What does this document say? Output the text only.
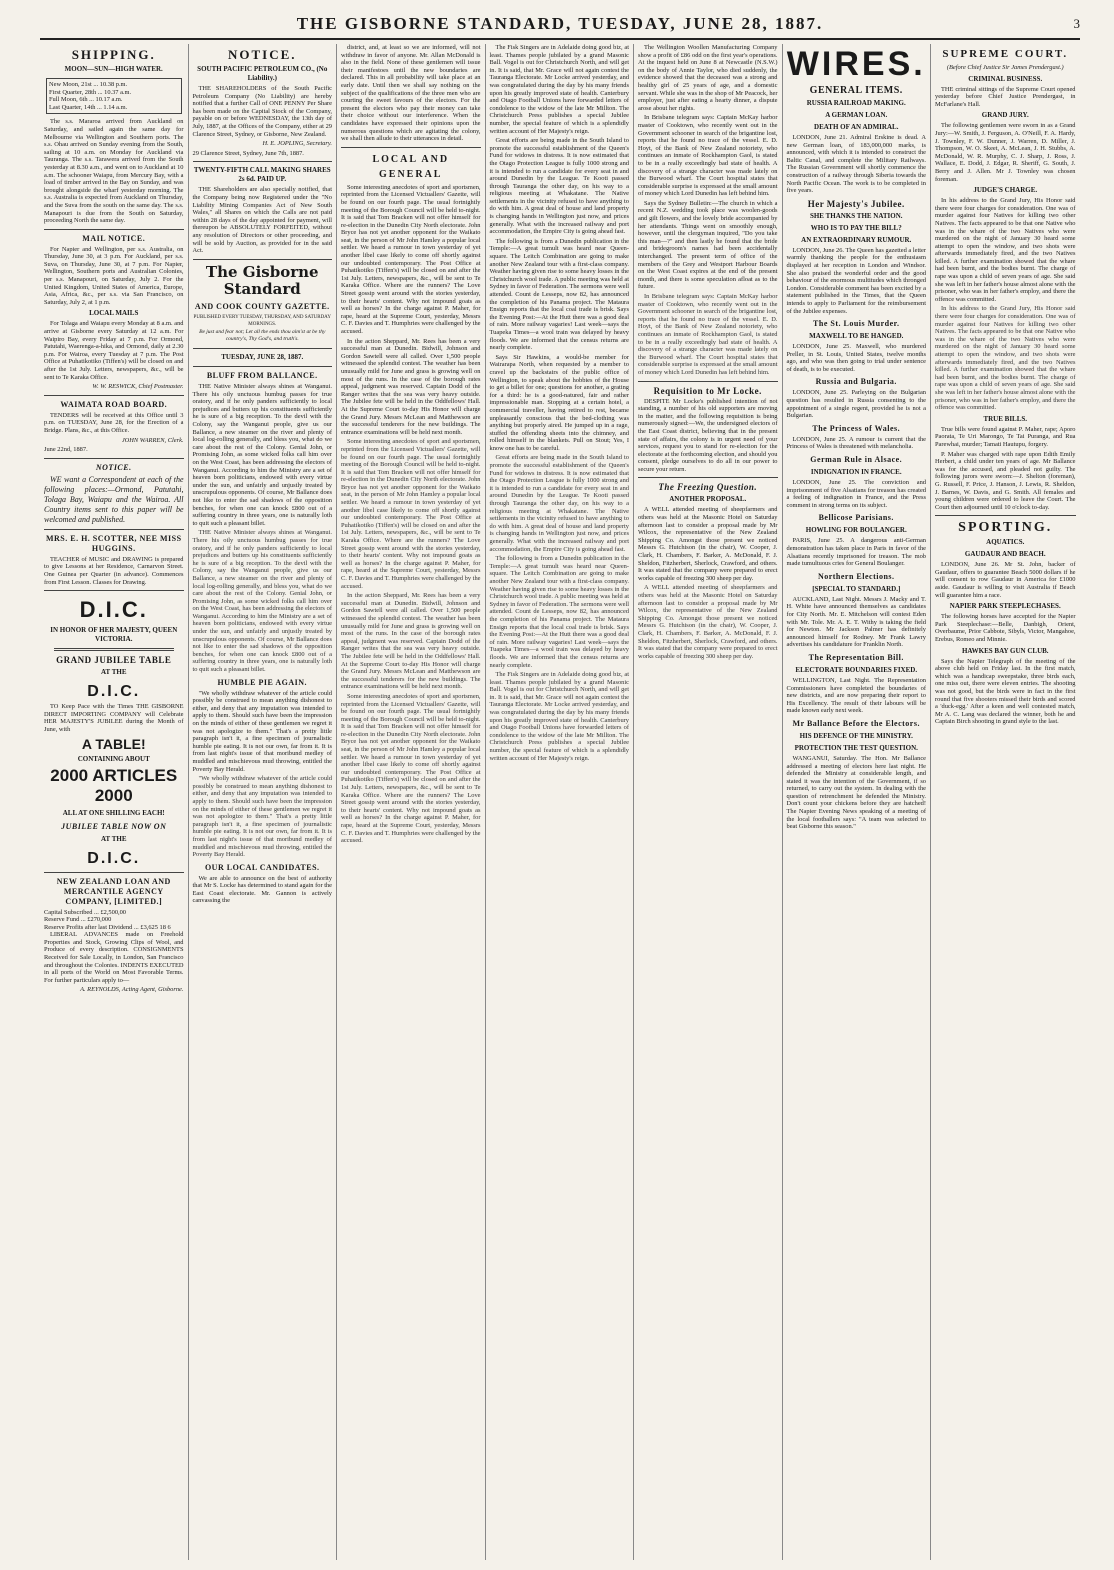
THE GISBORNE STANDARD, TUESDAY, JUNE 28, 1887.	3
SHIPPING.
MOON—SUN—HIGH WATER.
New Moon, 21st ... 10.38 p.m.
First Quarter, 28th ... 10.37 a.m.
Full Moon, 6th ... 10.17 a.m.
Last Quarter, 14th ... 1.14 a.m.

The s.s. Mararoa arrived from Auckland on Saturday, and sailed again the same day for Melbourne via Wellington and Southern ports. The s.s. Ohau arrived on Sunday evening from the South, sailing at 10 a.m. on Monday for Auckland via Tauranga. The s.s. Tarawera arrived from the South yesterday at 8.30 a.m., and went on to Auckland at 10 a.m. The schooner Waiapu, from Mercury Bay, with a load of timber arrived in the Bay on Sunday, and was brought alongside the wharf yesterday morning. The s.s. Australia is expected from Auckland on Thursday, and the Suva from the south on the same day. The s.s. Manapouri is due from the South on Saturday, proceeding North the same day.

MAIL NOTICE.

For Napier and Wellington, per s.s. Australia, on Thursday, June 30, at 3 p.m. For Auckland, per s.s. Suva, on Thursday, June 30, at 7 p.m. For Napier, Wellington, Southern ports and Australian Colonies, per s.s. Manapouri, on Saturday, July 2. For the United Kingdom, United States of America, Europe, Asia, Africa, &c., per s.s. via San Francisco, on Saturday, July 2, at 1 p.m.

LOCAL MAILS

For Tolaga and Waiapu every Monday at 8 a.m. and arrive at Gisborne every Saturday at 12 a.m. For Waipiro Bay, every Friday at 7 p.m. For Ormond, Patutahi, Waerenga-a-hika, and Ormond, daily at 2.30 p.m. For Wairoa, every Tuesday at 7 p.m. The Post Office at Puhatikotiko (Tiffen's) will be closed on and after the 1st July. Letters, newspapers, &c., will be sent to Te Karaka Office.

W. W. RESWICK, Chief Postmaster.
WAIMATA ROAD BOARD.

TENDERS will be received at this Office until 3 p.m. on TUESDAY, June 28, for the Erection of a Bridge. Plans, &c., at this Office.

JOHN WARREN, Clerk.
June 22nd, 1887.
NOTICE.

WE want a Correspondent at each of the following places:—Ormond, Patutahi, Tolaga Bay, Waiapu and the Wairoa. All Country items sent to this paper will be welcomed and published.

MRS. E. H. SCOTTER, NEE MISS HUGGINS.

TEACHER of MUSIC and DRAWING is prepared to give Lessons at her Residence, Carnarvon Street. One Guinea per Quarter (in advance). Commences from First Lesson. Classes for Drawing.

D.I.C.
IN HONOR OF HER MAJESTY, QUEEN VICTORIA.
GRAND JUBILEE TABLE
AT THE
D.I.C.

TO Keep Pace with the Times THE GISBORNE DIRECT IMPORTING COMPANY will Celebrate HER MAJESTY'S JUBILEE during the Month of June, with

A TABLE!
CONTAINING ABOUT
2000 ARTICLES 2000
ALL AT ONE SHILLING EACH!
JUBILEE TABLE NOW ON
AT THE
D.I.C.
NEW ZEALAND LOAN AND MERCANTILE AGENCY COMPANY, [LIMITED.]
Capital Subscribed ... £2,500,00
Reserve Fund ... £270,000
Reserve Profits after last Dividend ... £3,625 18 6

LIBERAL ADVANCES made on Freehold Properties and Stock, Growing Clips of Wool, and Produce of every description. CONSIGNMENTS Received for Sale Locally, in London, San Francisco and throughout the Colonies. INDENTS EXECUTED in all ports of the World on Most Favorable Terms. For further particulars apply to—

A. REYNOLDS, Acting Agent, Gisborne.
NOTICE.
SOUTH PACIFIC PETROLEUM CO., (No Liability.)

THE SHAREHOLDERS of the South Pacific Petroleum Company (No Liability) are hereby notified that a further Call of ONE PENNY Per Share has been made on the Capital Stock of the Company, payable on or before WEDNESDAY, the 13th day of July, 1887, at the Offices of the Company, either at 29 Clarence Street, Sydney, or Gisborne, New Zealand.

H. E. JOPLING, Secretary.
29 Clarence Street, Sydney, June 7th, 1887.
TWENTY-FIFTH CALL MAKING SHARES 2s 6d. PAID UP.

THE Shareholders are also specially notified, that the Company being now Registered under the "No Liability Mining Companies Act of New South Wales," all Shares on which the Calls are not paid within 28 days of the day appointed for payment, will thereupon be ABSOLUTELY FORFEITED, without any resolution of Directors or other proceeding, and will be sold by Auction, as provided for in the said Act.

The Gisborne Standard
AND COOK COUNTY GAZETTE.
PUBLISHED EVERY TUESDAY, THURSDAY, AND SATURDAY MORNINGS.
Be just and fear not; Let all the ends thou aim'st at be thy country's, Thy God's, and truth's.
TUESDAY, JUNE 28, 1887.
BLUFF FROM BALLANCE.

THE Native Minister always shines at Wanganui. There his oily unctuous humbug passes for true oratory, and if he only panders sufficiently to local prejudices and butters up his constituents sufficiently he is sure of a big reception. To the devil with the Colony, say the Wanganui people, give us our Ballance, a new steamer on the river and plenty of local log-rolling generally, and bless you, what do we care about the rest of the Colony. Genial John, or Promising John, as some wicked folks call him over on the West Coast, has been addressing the electors of Wanganui. According to him the Ministry are a set of heaven born politicians, endowed with every virtue under the sun, and unfairly and unjustly treated by unscrupulous opponents. Of course, Mr Ballance does not like to enter the sad shadows of the opposition benches, for when one can knock £800 out of a suffering country in three years, one is naturally loth to quit such a pleasant billet.

THE Native Minister always shines at Wanganui. There his oily unctuous humbug passes for true oratory, and if he only panders sufficiently to local prejudices and butters up his constituents sufficiently he is sure of a big reception. To the devil with the Colony, say the Wanganui people, give us our Ballance, a new steamer on the river and plenty of local log-rolling generally, and bless you, what do we care about the rest of the Colony. Genial John, or Promising John, as some wicked folks call him over on the West Coast, has been addressing the electors of Wanganui. According to him the Ministry are a set of heaven born politicians, endowed with every virtue under the sun, and unfairly and unjustly treated by unscrupulous opponents. Of course, Mr Ballance does not like to enter the sad shadows of the opposition benches, for when one can knock £800 out of a suffering country in three years, one is naturally loth to quit such a pleasant billet.

HUMBLE PIE AGAIN.

"We wholly withdraw whatever of the article could possibly be construed to mean anything dishonest to either, and deny that any imputation was intended to apply to them. Should such have been the impression on the minds of either of these gentlemen we regret it was not apologize to them." That's a pretty little paragraph isn't it, a fine specimen of journalistic humble pie eating. It is not our own, far from it. It is from last night's issue of that moribund medley of muddled and mischievous mud throwing, entitled the Poverty Bay Herald.

"We wholly withdraw whatever of the article could possibly be construed to mean anything dishonest to either, and deny that any imputation was intended to apply to them. Should such have been the impression on the minds of either of these gentlemen we regret it was not apologize to them." That's a pretty little paragraph isn't it, a fine specimen of journalistic humble pie eating. It is not our own, far from it. It is from last night's issue of that moribund medley of muddled and mischievous mud throwing, entitled the Poverty Bay Herald.

OUR LOCAL CANDIDATES.

We are able to announce on the best of authority that Mr S. Locke has determined to stand again for the East Coast electorate. Mr. Gannon is actively canvassing the

district, and, at least so we are informed, will not withdraw in favor of anyone. Mr. Allan McDonald is also in the field. None of these gentlemen will issue their manifestoes until the new boundaries are declared. This in all probability will take place at an early date. Until then we shall say nothing on the subject of the qualifications of the three men who are courting the sweet favours of the electors. For the present the electors who pay their money can take their choice without our interference. When the candidates have expressed their opinions upon the numerous questions which are agitating the colony, we shall then allude to their utterances in detail.

LOCAL AND GENERAL

Some interesting anecdotes of sport and sportsmen, reprinted from the Licensed Victuallers' Gazette, will be found on our fourth page. The usual fortnightly meeting of the Borough Council will be held to-night. It is said that Tom Bracken will not offer himself for re-election in the Dunedin City North electorate. John Bryce has not yet another opponent for the Waikato seat, in the person of Mr John Hamley a popular local settler. We heard a rumour in town yesterday of yet another libel case likely to come off shortly against our undoubted contemporary. The Post Office at Puhatikotiko (Tiffen's) will be closed on and after the 1st July. Letters, newspapers, &c., will be sent to Te Karaka Office. Where are the runners? The Love Street gossip went around with the stories yesterday, to their hearts' content. Why not impound goats as well as horses? In the charge against P. Maher, for rape, heard at the Supreme Court, yesterday, Messrs C. F. Davies and T. Humphries were challenged by the accused.

In the action Sheppard, Mr. Rees has been a very successful man at Dunedin. Bidwill, Johnson and Gordon Sawtell were all called. Over 1,500 people witnessed the splendid contest. The weather has been unusually mild for June and grass is growing well on most of the runs. In the case of the borough rates appeal, judgment was reserved. Captain Dodd of the Ranger writes that the sea was very heavy outside. The Jubilee fete will be held in the Oddfellows' Hall. At the Supreme Court to-day His Honor will charge the Grand Jury. Messrs McLean and Matthewson are the successful tenderers for the new buildings. The entrance examinations will be held next month.

Some interesting anecdotes of sport and sportsmen, reprinted from the Licensed Victuallers' Gazette, will be found on our fourth page. The usual fortnightly meeting of the Borough Council will be held to-night. It is said that Tom Bracken will not offer himself for re-election in the Dunedin City North electorate. John Bryce has not yet another opponent for the Waikato seat, in the person of Mr John Hamley a popular local settler. We heard a rumour in town yesterday of yet another libel case likely to come off shortly against our undoubted contemporary. The Post Office at Puhatikotiko (Tiffen's) will be closed on and after the 1st July. Letters, newspapers, &c., will be sent to Te Karaka Office. Where are the runners? The Love Street gossip went around with the stories yesterday, to their hearts' content. Why not impound goats as well as horses? In the charge against P. Maher, for rape, heard at the Supreme Court, yesterday, Messrs C. F. Davies and T. Humphries were challenged by the accused.

In the action Sheppard, Mr. Rees has been a very successful man at Dunedin. Bidwill, Johnson and Gordon Sawtell were all called. Over 1,500 people witnessed the splendid contest. The weather has been unusually mild for June and grass is growing well on most of the runs. In the case of the borough rates appeal, judgment was reserved. Captain Dodd of the Ranger writes that the sea was very heavy outside. The Jubilee fete will be held in the Oddfellows' Hall. At the Supreme Court to-day His Honor will charge the Grand Jury. Messrs McLean and Matthewson are the successful tenderers for the new buildings. The entrance examinations will be held next month.

Some interesting anecdotes of sport and sportsmen, reprinted from the Licensed Victuallers' Gazette, will be found on our fourth page. The usual fortnightly meeting of the Borough Council will be held to-night. It is said that Tom Bracken will not offer himself for re-election in the Dunedin City North electorate. John Bryce has not yet another opponent for the Waikato seat, in the person of Mr John Hamley a popular local settler. We heard a rumour in town yesterday of yet another libel case likely to come off shortly against our undoubted contemporary. The Post Office at Puhatikotiko (Tiffen's) will be closed on and after the 1st July. Letters, newspapers, &c., will be sent to Te Karaka Office. Where are the runners? The Love Street gossip went around with the stories yesterday, to their hearts' content. Why not impound goats as well as horses? In the charge against P. Maher, for rape, heard at the Supreme Court, yesterday, Messrs C. F. Davies and T. Humphries were challenged by the accused.

The Fisk Singers are in Adelaide doing good biz, at least. Thames people jubilated by a grand Masonic Ball. Vogel is out for Christchurch North, and will get in. It is said, that Mr. Grace will not again contest the Tauranga Electorate. Mr Locke arrived yesterday, and was congratulated during the day by his many friends upon his greatly improved state of health. Canterbury and Otago Football Unions have forwarded letters of condolence to the widow of the late Mr Millton. The Christchurch Press publishes a special Jubilee number, the special feature of which is a splendidly written account of Her Majesty's reign.

Great efforts are being made in the South Island to promote the successful establishment of the Queen's Fund for widows in distress. It is now estimated that the Otago Protection League is fully 1000 strong and it is intended to run a candidate for every seat in and around Dunedin by the League. Te Kooti passed through Tauranga the other day, on his way to a religious meeting at Whakatane. The Native settlements in the vicinity refused to have anything to do with him. A great deal of house and land property is changing hands in Wellington just now, and prices generally. What with the increased railway and port accommodation, the Empire City is going ahead fast.

The following is from a Dunedin publication in the Temple:—A great tumult was heard near Queen-square. The Leitch Combination are going to make another New Zealand tour with a first-class company. Weather having given rise to some heavy losses in the Christchurch wool trade. A public meeting was held at Sydney in favor of Federation. The sermons were well attended. Count de Lesseps, now 82, has announced the completion of his Panama project. The Mataura Ensign reports that the local coal trade is brisk. Says the Evening Post:—At the Hutt there was a good deal of rain. More railway vagaries! Last week—says the Tuapeka Times—a wool train was delayed by heavy floods. We are informed that the census returns are nearly complete.

Says Sir Hawkins, a would-be member for Wairarapa North, when requested by a member to cravel up the backstairs of the public office of Wellington, to speak about the hobbies of the House to get a billet for one; questions for another, a grating for a third: he is a good-natured, fair and rather impressionable man. Stopping at a certain hotel, a commercial traveller, having retired to rest, became unpleasantly conscious that the bed-clothing was anything but properly aired. He jumped up in a rage, stuffed the offending sheets into the chimney, and rolled himself in the blankets. Pull on Stout; Yes, I know one has to be careful.

Great efforts are being made in the South Island to promote the successful establishment of the Queen's Fund for widows in distress. It is now estimated that the Otago Protection League is fully 1000 strong and it is intended to run a candidate for every seat in and around Dunedin by the League. Te Kooti passed through Tauranga the other day, on his way to a religious meeting at Whakatane. The Native settlements in the vicinity refused to have anything to do with him. A great deal of house and land property is changing hands in Wellington just now, and prices generally. What with the increased railway and port accommodation, the Empire City is going ahead fast.

The following is from a Dunedin publication in the Temple:—A great tumult was heard near Queen-square. The Leitch Combination are going to make another New Zealand tour with a first-class company. Weather having given rise to some heavy losses in the Christchurch wool trade. A public meeting was held at Sydney in favor of Federation. The sermons were well attended. Count de Lesseps, now 82, has announced the completion of his Panama project. The Mataura Ensign reports that the local coal trade is brisk. Says the Evening Post:—At the Hutt there was a good deal of rain. More railway vagaries! Last week—says the Tuapeka Times—a wool train was delayed by heavy floods. We are informed that the census returns are nearly complete.

The Fisk Singers are in Adelaide doing good biz, at least. Thames people jubilated by a grand Masonic Ball. Vogel is out for Christchurch North, and will get in. It is said, that Mr. Grace will not again contest the Tauranga Electorate. Mr Locke arrived yesterday, and was congratulated during the day by his many friends upon his greatly improved state of health. Canterbury and Otago Football Unions have forwarded letters of condolence to the widow of the late Mr Millton. The Christchurch Press publishes a special Jubilee number, the special feature of which is a splendidly written account of Her Majesty's reign.

The Wellington Woollen Manufacturing Company show a profit of £86 odd on the first year's operations. At the inquest held on June 8 at Newcastle (N.S.W.) on the body of Annie Taylor, who died suddenly, the evidence showed that the deceased was a strong and healthy girl of 25 years of age, and a domestic servant. While she was in the shop of Mr Peacock, her employer, just after eating a hearty dinner, a dispute arose about her rights.

In Brisbane telegram says: Captain McKay harbor master of Cooktown, who recently went out in the Government schooner in search of the brigantine lost, reports that he found no trace of the vessel. E. D. Hoyt, of the Bank of New Zealand notoriety, who continues an inmate of Rockhampton Gaol, is stated to be in a really exceedingly bad state of health. A discovery of a strange character was made lately on the Burwood wharf. The Court hospital states that considerable surprise is expressed at the small amount of money which Lord Dunedin has left behind him.

Says the Sydney Bulletin:—The church in which a recent N.Z. wedding took place was woolen-goods and gilt flowers, and the lovely bride accompanied by her attendants. Things went on smoothly enough, however, until the clergyman inquired, "Do you take this man—?" and then lastly he found that the bride and bridegroom's names had been accidentally interchanged. The present term of office of the members of the Grey and Westport Harbour Boards on the West Coast expires at the end of the present month, and there is some speculation afloat as to the future.

In Brisbane telegram says: Captain McKay harbor master of Cooktown, who recently went out in the Government schooner in search of the brigantine lost, reports that he found no trace of the vessel. E. D. Hoyt, of the Bank of New Zealand notoriety, who continues an inmate of Rockhampton Gaol, is stated to be in a really exceedingly bad state of health. A discovery of a strange character was made lately on the Burwood wharf. The Court hospital states that considerable surprise is expressed at the small amount of money which Lord Dunedin has left behind him.

Requisition to Mr Locke.

DESPITE Mr Locke's published intention of not standing, a number of his old supporters are moving in the matter, and the following requisition is being numerously signed:—We, the undersigned electors of the East Coast district, believing that in the present state of affairs, the colony is in urgent need of your services, request you to stand for re-election for the electorate at the forthcoming election, and should you consent, pledge ourselves to do all in our power to secure your return.

The Freezing Question.
ANOTHER PROPOSAL.

A WELL attended meeting of sheepfarmers and others was held at the Masonic Hotel on Saturday afternoon last to consider a proposal made by Mr Wilcox, the representative of the New Zealand Shipping Co. Amongst those present we noticed Messrs G. Hutchison (in the chair), W. Cooper, J. Clark, H. Chambers, F. Barker, A. McDonald, F. J. Sheldon, Fitzherbert, Sherlock, Crawford, and others. It was stated that the company were prepared to erect works capable of freezing 300 sheep per day.

A WELL attended meeting of sheepfarmers and others was held at the Masonic Hotel on Saturday afternoon last to consider a proposal made by Mr Wilcox, the representative of the New Zealand Shipping Co. Amongst those present we noticed Messrs G. Hutchison (in the chair), W. Cooper, J. Clark, H. Chambers, F. Barker, A. McDonald, F. J. Sheldon, Fitzherbert, Sherlock, Crawford, and others. It was stated that the company were prepared to erect works capable of freezing 300 sheep per day.

WIRES.
GENERAL ITEMS.
RUSSIA RAILROAD MAKING.
A GERMAN LOAN.
DEATH OF AN ADMIRAL.

LONDON, June 21. Admiral Erskine is dead. A new German loan, of 183,000,000 marks, is announced, with which it is intended to construct the Baltic Canal, and complete the Military Railways. The Russian Government will shortly commence the construction of a railway through Siberia towards the North Pacific Ocean. The work is to be completed in five years.

Her Majesty's Jubilee.
SHE THANKS THE NATION.
WHO IS TO PAY THE BILL?
AN EXTRAORDINARY RUMOUR.

LONDON, June 26. The Queen has gazetted a letter warmly thanking the people for the enthusiasm displayed at her reception in London and Windsor. She also praised the wonderful order and the good behaviour of the enormous multitudes which thronged London. Considerable comment has been excited by a statement published in the Times, that the Queen intends to apply to Parliament for the reimbursement of the Jubilee expenses.

The St. Louis Murder.
MAXWELL TO BE HANGED.

LONDON, June 25. Maxwell, who murdered Preller, in St. Louis, United States, twelve months ago, and who was then going to trial under sentence of death, is to be executed.

Russia and Bulgaria.

LONDON, June 25. Parleying on the Bulgarian question has resulted in Russia consenting to the appointment of a single regent, provided he is not a Bulgarian.

The Princess of Wales.

LONDON, June 25. A rumour is current that the Princess of Wales is threatened with melancholia.

German Rule in Alsace.
INDIGNATION IN FRANCE.

LONDON, June 25. The conviction and imprisonment of five Alsatians for treason has created a feeling of indignation in France, and the Press comment in strong terms on its subject.

Bellicose Parisians.
HOWLING FOR BOULANGER.

PARIS, June 25. A dangerous anti-German demonstration has taken place in Paris in favor of the Alsatians recently imprisoned for treason. The mob made tumultuous cries for General Boulanger.

Northern Elections.
[SPECIAL TO STANDARD.]

AUCKLAND, Last Night. Messrs J. Macky and T. H. White have announced themselves as candidates for City North. Mr. E. Mitchelson will contest Eden with Mr. Tole. Mr. A. E. T. Withy is taking the field for Newton. Mr Jackson Palmer has definitely announced himself for Rodney. Mr Frank Lawry advertises his candidature for Franklin North.

The Representation Bill.
ELECTORATE BOUNDARIES FIXED.

WELLINGTON, Last Night. The Representation Commissioners have completed the boundaries of new districts, and are now preparing their report to His Excellency. The result of their labours will be made known early next week.

Mr Ballance Before the Electors.
HIS DEFENCE OF THE MINISTRY.
PROTECTION THE TEST QUESTION.

WANGANUI, Saturday. The Hon. Mr Ballance addressed a meeting of electors here last night. He defended the Ministry at considerable length, and stated it was the intention of the Government, if so returned, to carry out the system. In dealing with the question of retrenchment he defended the Ministry. Don't count your chickens before they are hatched! The Napier Evening News speaking of a meeting of the local footballers says: "A team was selected to beat Gisborne this season."

SUPREME COURT.
(Before Chief Justice Sir James Prendergast.)
CRIMINAL BUSINESS.

THE criminal sittings of the Supreme Court opened yesterday before Chief Justice Prendergast, in McFarlane's Hall.

GRAND JURY.

The following gentlemen were sworn in as a Grand Jury:—W. Smith, J. Ferguson, A. O'Neill, F. A. Hardy, J. Townley, F. W. Dunner, J. Warren, D. Miller, J. Thompson, W. O. Skeet, A. McLean, J. H. Stubbs, A. McDonald, W. R. Murphy, C. J. Sharp, J. Ross, J. Wallace, E. Dodd, J. Edgar, R. Sheriff, G. South, J. Berry and J. Allen. Mr J. Townley was chosen foreman.

JUDGE'S CHARGE.

In his address to the Grand Jury, His Honor said there were four charges for consideration. One was of murder against four Natives for killing two other Natives. The facts appeared to be that one Native who was in the whare of the two Natives who were murdered on the night of January 30 heard some attempt to open the window, and two shots were afterwards immediately fired, and the two Natives killed. A further examination showed that the whare had been burnt, and the bodies burnt. The charge of rape was upon a child of seven years of age. She said she was left in her father's house almost alone with the prisoner, who was in her father's employ, and there the offence was committed.

In his address to the Grand Jury, His Honor said there were four charges for consideration. One was of murder against four Natives for killing two other Natives. The facts appeared to be that one Native who was in the whare of the two Natives who were murdered on the night of January 30 heard some attempt to open the window, and two shots were afterwards immediately fired, and the two Natives killed. A further examination showed that the whare had been burnt, and the bodies burnt. The charge of rape was upon a child of seven years of age. She said she was left in her father's house almost alone with the prisoner, who was in her father's employ, and there the offence was committed.

TRUE BILLS.

True bills were found against P. Maher, rape; Aporo Paorata, Te Uri Marongo, Te Tai Puranga, and Rua Parewhai, murder; Tamati Hautupu, forgery.

P. Maher was charged with rape upon Edith Emily Herbert, a child under ten years of age. Mr Ballance was for the accused, and pleaded not guilty. The following jurors were sworn:—J. Shelton (foreman), G. Russell, F. Price, J. Hanson, J. Lewis, R. Sheldon, J. Barnes, W. Davis, and G. Smith. All females and young children were ordered to leave the Court. The Court then adjourned until 10 o'clock to-day.

SPORTING.
AQUATICS.
GAUDAUR AND BEACH.

LONDON, June 26. Mr St. John, backer of Gaudaur, offers to guarantee Beach 5000 dollars if he will consent to row Gaudaur in America for £1000 aside. Gaudaur is willing to visit Australia if Beach will guarantee him a race.

NAPIER PARK STEEPLECHASES.

The following horses have accepted for the Napier Park Steeplechase:—Belle, Danbigh, Orient, Overbaume, Prior Cabbote, Sibyls, Victor, Mangahoe, Erebus, Romeo and Minnie.

HAWKES BAY GUN CLUB.

Says the Napier Telegraph of the meeting of the above club held on Friday last. In the first match, which was a handicap sweepstake, three birds each, one miss out, there were eleven entries. The shooting was not good, but the birds were in fact in the first round that five shooters missed their birds and scored a 'duck-egg.' After a keen and well contested match, Mr A. C. Lang was declared the winner, both he and Captain Birch shooting in grand style to the last.
